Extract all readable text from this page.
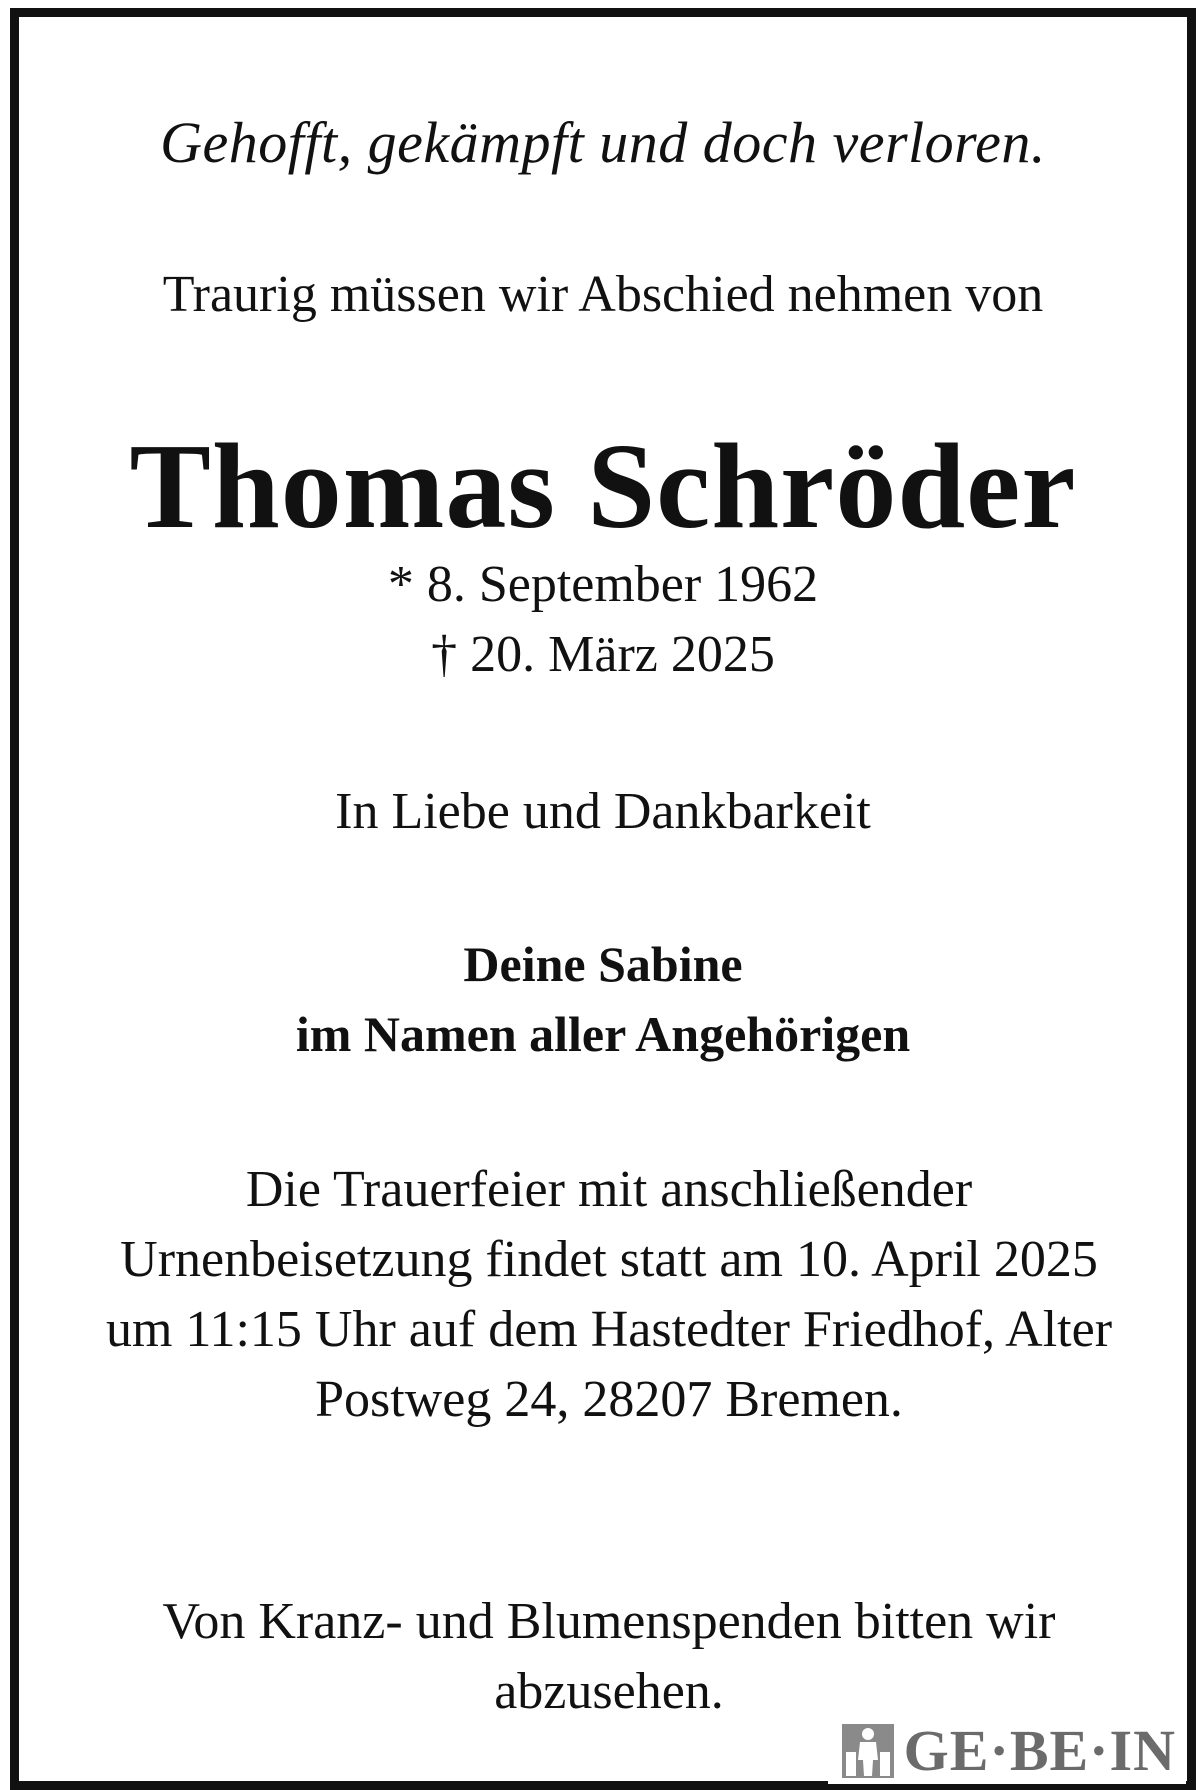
Gehofft, gekämpft und doch verloren.
Traurig müssen wir Abschied nehmen von
Thomas Schröder
* 8. September 1962
† 20. März 2025
In Liebe und Dankbarkeit
Deine Sabine
im Namen aller Angehörigen
Die Trauerfeier mit anschließender Urnenbeisetzung findet statt am 10. April 2025 um 11:15 Uhr auf dem Hastedter Friedhof, Alter Postweg 24, 28207 Bremen.
Von Kranz- und Blumenspenden bitten wir abzusehen.
GE·BE·IN
